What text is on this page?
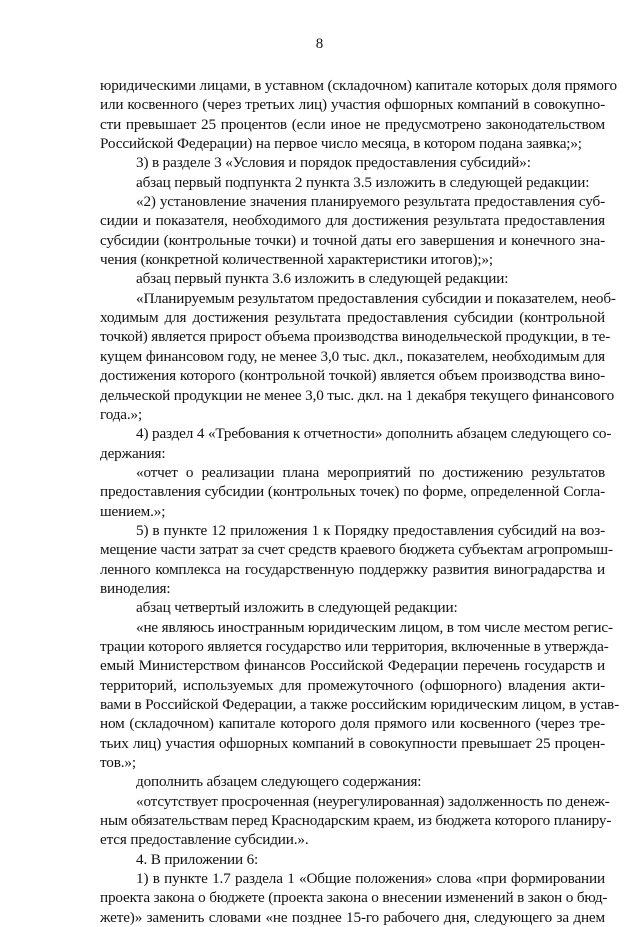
8
юридическими лицами, в уставном (складочном) капитале которых доля прямого
или косвенного (через третьих лиц) участия офшорных компаний в совокупно-
сти превышает 25 процентов (если иное не предусмотрено законодательством
Российской Федерации) на первое число месяца, в котором подана заявка;»;
3) в разделе 3 «Условия и порядок предоставления субсидий»:
абзац первый подпункта 2 пункта 3.5 изложить в следующей редакции:
«2) установление значения планируемого результата предоставления суб-
сидии и показателя, необходимого для достижения результата предоставления
субсидии (контрольные точки) и точной даты его завершения и конечного зна-
чения (конкретной количественной характеристики итогов);»;
абзац первый пункта 3.6 изложить в следующей редакции:
«Планируемым результатом предоставления субсидии и показателем, необ-
ходимым для достижения результата предоставления субсидии (контрольной
точкой) является прирост объема производства винодельческой продукции, в те-
кущем финансовом году, не менее 3,0 тыс. дкл., показателем, необходимым для
достижения которого (контрольной точкой) является объем производства вино-
дельческой продукции не менее 3,0 тыс. дкл. на 1 декабря текущего финансового
года.»;
4) раздел 4 «Требования к отчетности» дополнить абзацем следующего со-
держания:
«отчет о реализации плана мероприятий по достижению результатов
предоставления субсидии (контрольных точек) по форме, определенной Согла-
шением.»;
5) в пункте 12 приложения 1 к Порядку предоставления субсидий на воз-
мещение части затрат за счет средств краевого бюджета субъектам агропромыш-
ленного комплекса на государственную поддержку развития виноградарства и
виноделия:
абзац четвертый изложить в следующей редакции:
«не являюсь иностранным юридическим лицом, в том числе местом регис-
трации которого является государство или территория, включенные в утвержда-
емый Министерством финансов Российской Федерации перечень государств и
территорий, используемых для промежуточного (офшорного) владения акти-
вами в Российской Федерации, а также российским юридическим лицом, в устав-
ном (складочном) капитале которого доля прямого или косвенного (через тре-
тьих лиц) участия офшорных компаний в совокупности превышает 25 процен-
тов.»;
дополнить абзацем следующего содержания:
«отсутствует просроченная (неурегулированная) задолженность по денеж-
ным обязательствам перед Краснодарским краем, из бюджета которого планиру-
ется предоставление субсидии.».
4. В приложении 6:
1) в пункте 1.7 раздела 1 «Общие положения» слова «при формировании
проекта закона о бюджете (проекта закона о внесении изменений в закон о бюд-
жете)» заменить словами «не позднее 15-го рабочего дня, следующего за днем
